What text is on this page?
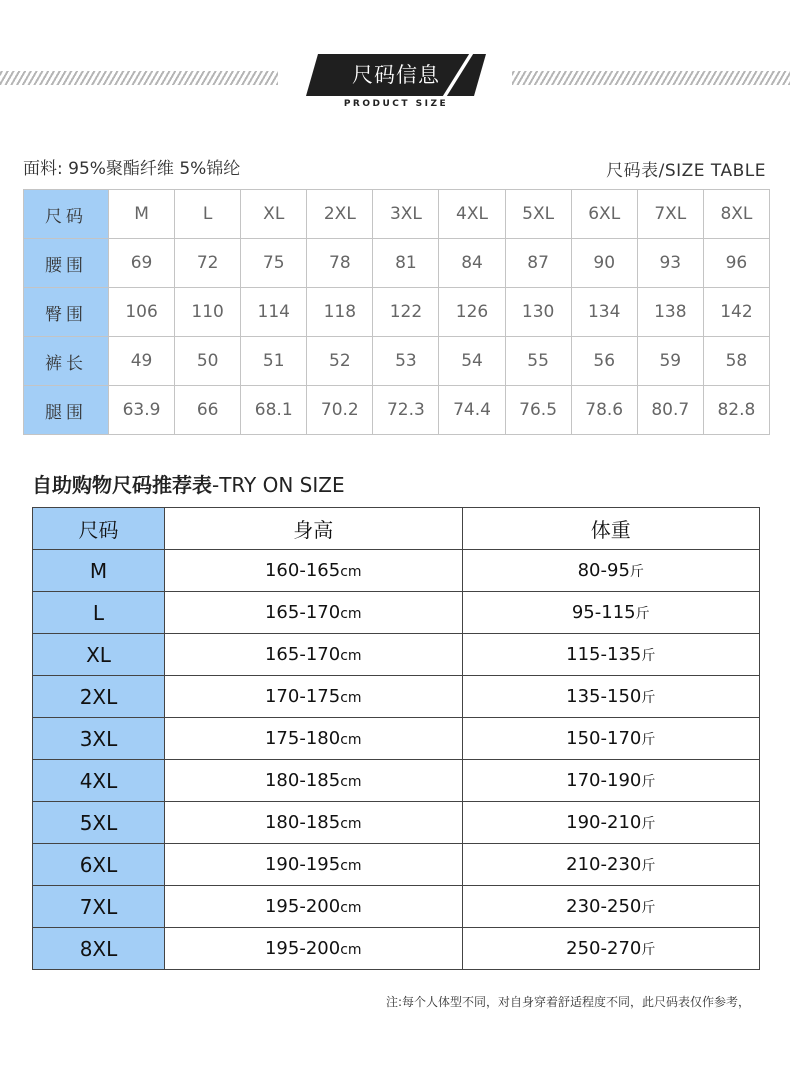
尺码信息
PRODUCT SIZE
面料: 95%聚酯纤维 5%锦纶	尺码表/SIZE TABLE
尺码	M	L	XL	2XL	3XL	4XL	5XL	6XL	7XL	8XL
腰围	69	72	75	78	81	84	87	90	93	96
臀围	106	110	114	118	122	126	130	134	138	142
裤长	49	50	51	52	53	54	55	56	59	58
腿围	63.9	66	68.1	70.2	72.3	74.4	76.5	78.6	80.7	82.8
自助购物尺码推荐表-TRY ON SIZE
尺码	身高	体重
M	160-165cm	80-95斤
L	165-170cm	95-115斤
XL	165-170cm	115-135斤
2XL	170-175cm	135-150斤
3XL	175-180cm	150-170斤
4XL	180-185cm	170-190斤
5XL	180-185cm	190-210斤
6XL	190-195cm	210-230斤
7XL	195-200cm	230-250斤
8XL	195-200cm	250-270斤
注:每个人体型不同，对自身穿着舒适程度不同，此尺码表仅作参考，
